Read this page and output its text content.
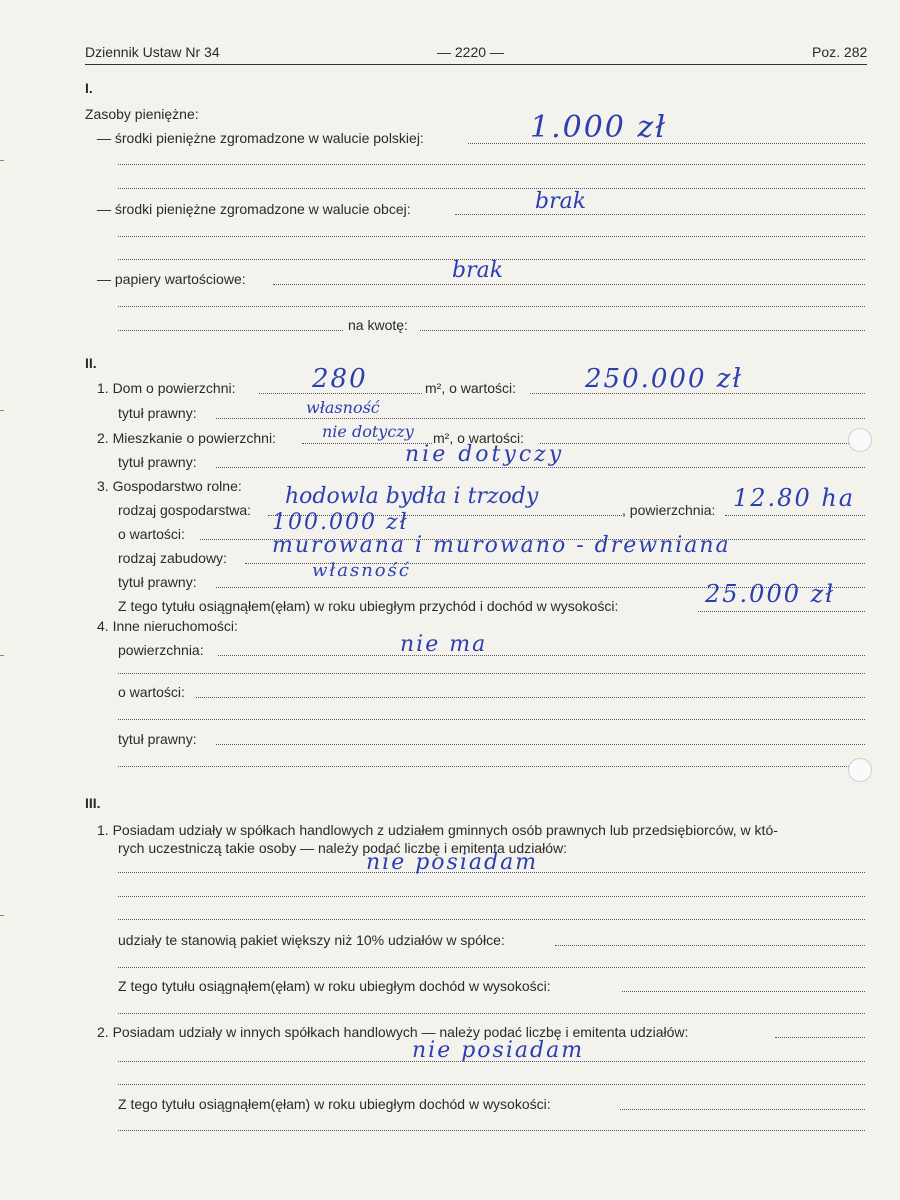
Dziennik Ustaw Nr 34	— 2220 —	Poz. 282
I.
Zasoby pieniężne:
— środki pieniężne zgromadzone w walucie polskiej:	1.000 zł
— środki pieniężne zgromadzone w walucie obcej:	brak
— papiery wartościowe:	brak
na kwotę:
II.
1. Dom o powierzchni:	280	m², o wartości:	250.000 zł
tytuł prawny:	własność
2. Mieszkanie o powierzchni:	nie dotyczy m², o wartości:
tytuł prawny:	nie dotyczy
3. Gospodarstwo rolne:
rodzaj gospodarstwa:
hodowla bydła i trzody
, powierzchnia: 12.80 ha
o wartości:	100.000 zł
rodzaj zabudowy: murowana i murowano - drewniana
tytuł prawny:
własność
Z tego tytułu osiągnąłem(ęłam) w roku ubiegłym przychód i dochód w wysokości:	25.000 zł
4. Inne nieruchomości:
powierzchnia:	nie ma
o wartości:
tytuł prawny:
III.
1. Posiadam udziały w spółkach handlowych z udziałem gminnych osób prawnych lub przedsiębiorców, w któ-
rych uczestniczą takie osoby — należy podać liczbę i emitenta udziałów:
nie posiadam
udziały te stanowią pakiet większy niż 10% udziałów w spółce:
Z tego tytułu osiągnąłem(ęłam) w roku ubiegłym dochód w wysokości:
2. Posiadam udziały w innych spółkach handlowych — należy podać liczbę i emitenta udziałów:
nie posiadam
Z tego tytułu osiągnąłem(ęłam) w roku ubiegłym dochód w wysokości:
